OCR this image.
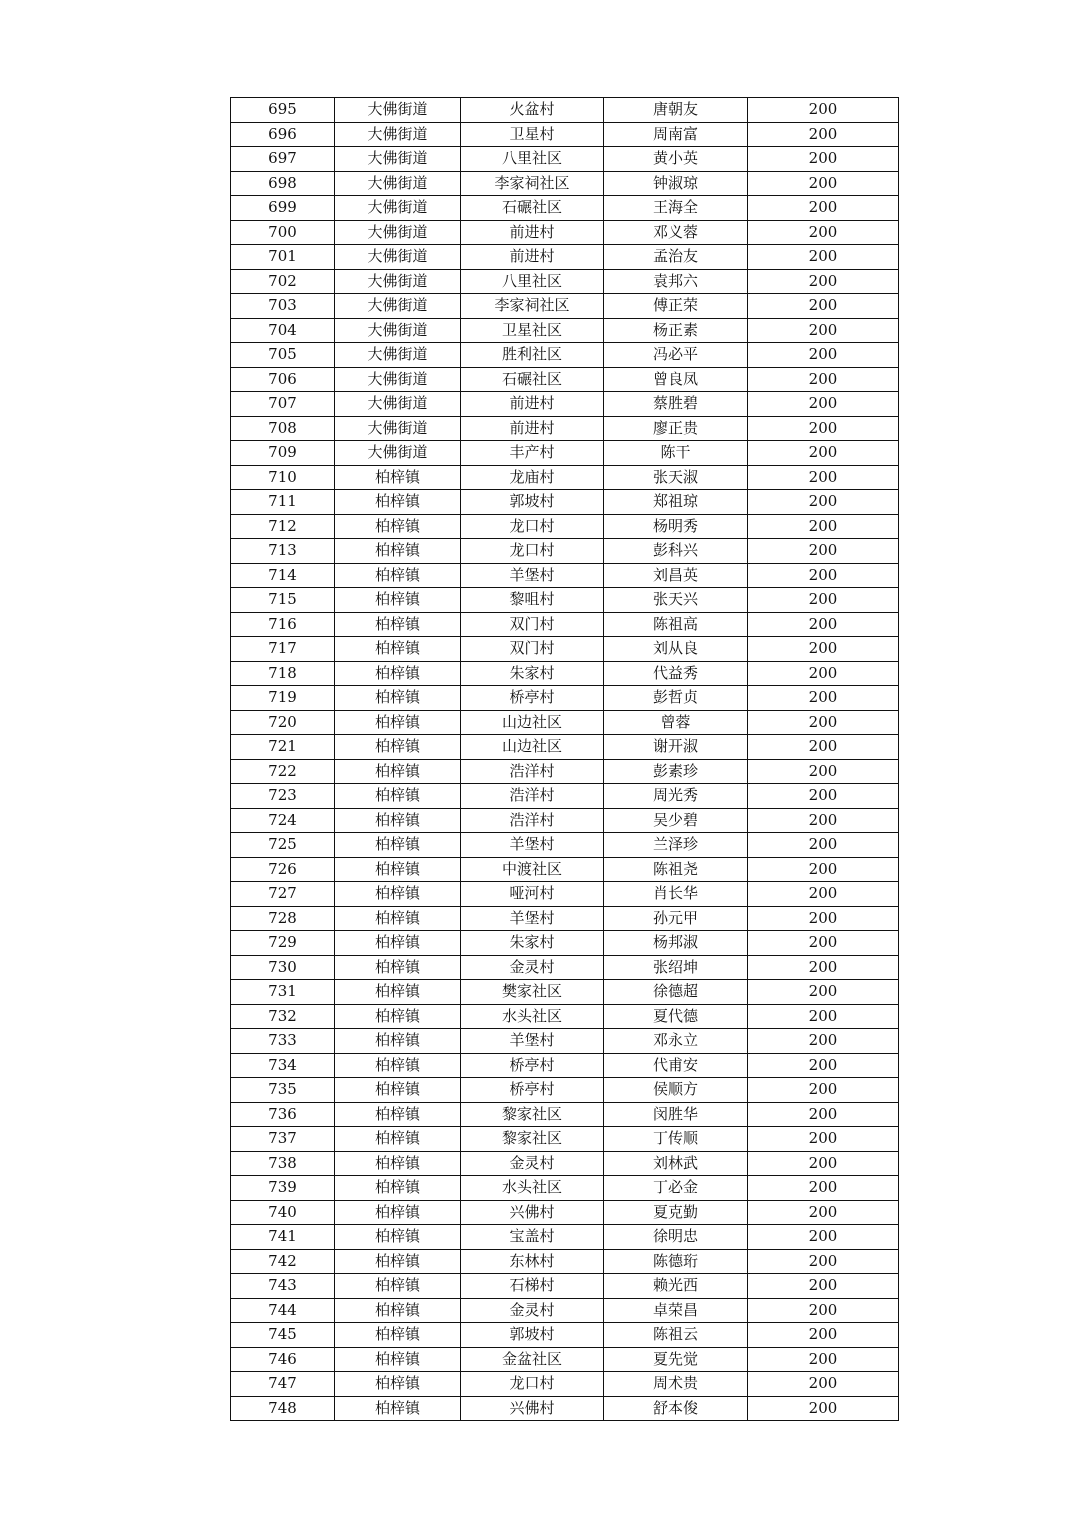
695	大佛街道	火盆村	唐朝友	200
696	大佛街道	卫星村	周南富	200
697	大佛街道	八里社区	黄小英	200
698	大佛街道	李家祠社区	钟淑琼	200
699	大佛街道	石碾社区	王海全	200
700	大佛街道	前进村	邓义蓉	200
701	大佛街道	前进村	孟治友	200
702	大佛街道	八里社区	袁邦六	200
703	大佛街道	李家祠社区	傅正荣	200
704	大佛街道	卫星社区	杨正素	200
705	大佛街道	胜利社区	冯必平	200
706	大佛街道	石碾社区	曾良凤	200
707	大佛街道	前进村	蔡胜碧	200
708	大佛街道	前进村	廖正贵	200
709	大佛街道	丰产村	陈干	200
710	柏梓镇	龙庙村	张天淑	200
711	柏梓镇	郭坡村	郑祖琼	200
712	柏梓镇	龙口村	杨明秀	200
713	柏梓镇	龙口村	彭科兴	200
714	柏梓镇	羊堡村	刘昌英	200
715	柏梓镇	黎咀村	张天兴	200
716	柏梓镇	双门村	陈祖高	200
717	柏梓镇	双门村	刘从良	200
718	柏梓镇	朱家村	代益秀	200
719	柏梓镇	桥亭村	彭哲贞	200
720	柏梓镇	山边社区	曾蓉	200
721	柏梓镇	山边社区	谢开淑	200
722	柏梓镇	浩洋村	彭素珍	200
723	柏梓镇	浩洋村	周光秀	200
724	柏梓镇	浩洋村	吴少碧	200
725	柏梓镇	羊堡村	兰泽珍	200
726	柏梓镇	中渡社区	陈祖尧	200
727	柏梓镇	哑河村	肖长华	200
728	柏梓镇	羊堡村	孙元甲	200
729	柏梓镇	朱家村	杨邦淑	200
730	柏梓镇	金灵村	张绍坤	200
731	柏梓镇	樊家社区	徐德超	200
732	柏梓镇	水头社区	夏代德	200
733	柏梓镇	羊堡村	邓永立	200
734	柏梓镇	桥亭村	代甫安	200
735	柏梓镇	桥亭村	侯顺方	200
736	柏梓镇	黎家社区	闵胜华	200
737	柏梓镇	黎家社区	丁传顺	200
738	柏梓镇	金灵村	刘林武	200
739	柏梓镇	水头社区	丁必金	200
740	柏梓镇	兴佛村	夏克勤	200
741	柏梓镇	宝盖村	徐明忠	200
742	柏梓镇	东林村	陈德珩	200
743	柏梓镇	石梯村	赖光西	200
744	柏梓镇	金灵村	卓荣昌	200
745	柏梓镇	郭坡村	陈祖云	200
746	柏梓镇	金盆社区	夏先觉	200
747	柏梓镇	龙口村	周术贵	200
748	柏梓镇	兴佛村	舒本俊	200
